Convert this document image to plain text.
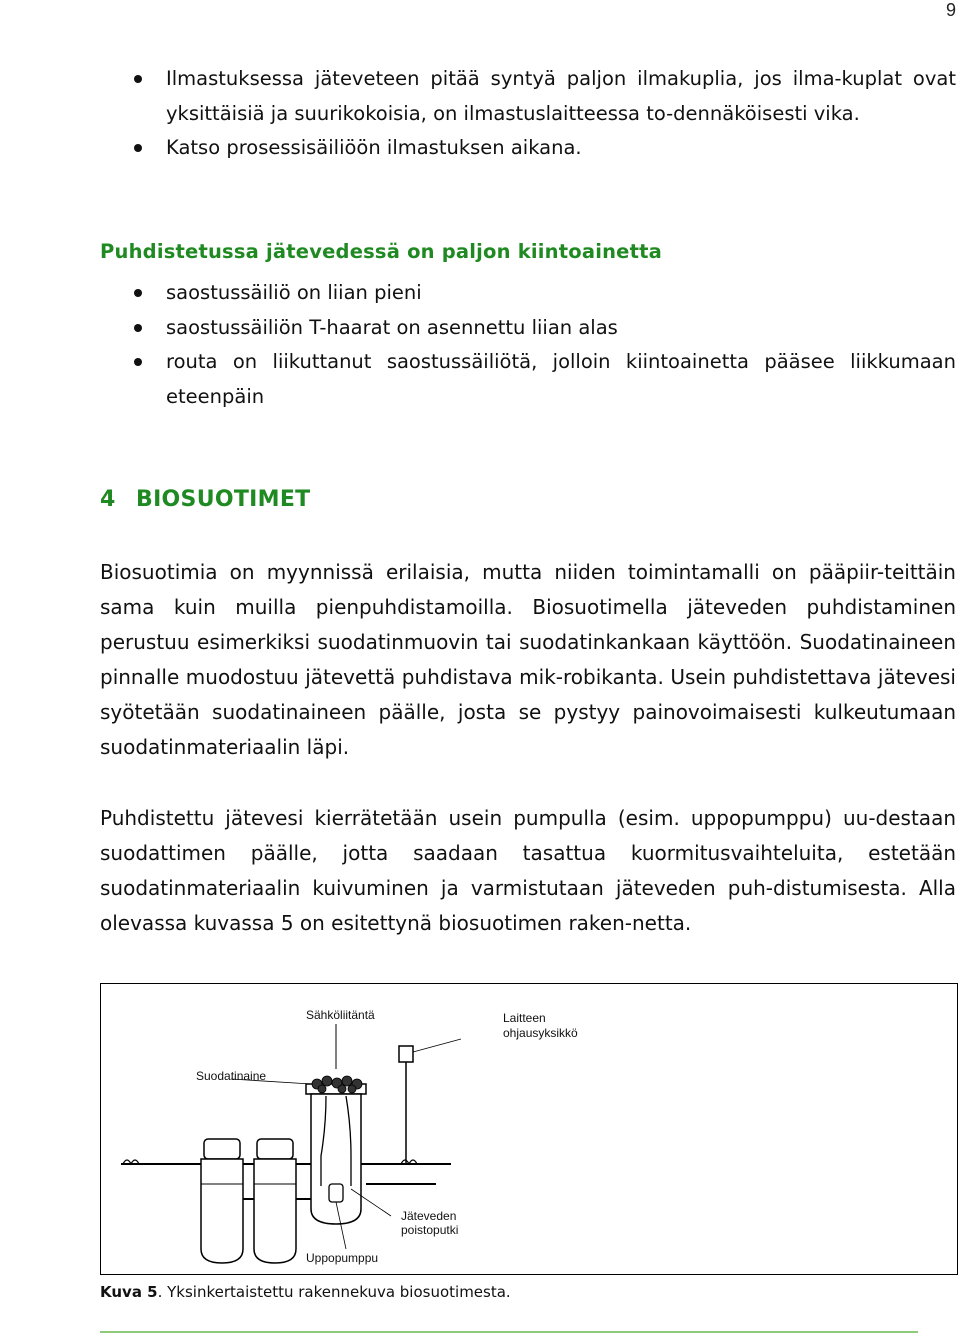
9
Ilmastuksessa jäteveteen pitää syntyä paljon ilmakuplia, jos ilma-kuplat ovat yksittäisiä ja suurikokoisia, on ilmastuslaitteessa to-dennäköisesti vika.
Katso prosessisäiliöön ilmastuksen aikana.
Puhdistetussa jätevedessä on paljon kiintoainetta
saostussäiliö on liian pieni
saostussäiliön T-haarat on asennettu liian alas
routa on liikuttanut saostussäiliötä, jolloin kiintoainetta pääsee liikkumaan eteenpäin
4 BIOSUOTIMET

Biosuotimia on myynnissä erilaisia, mutta niiden toimintamalli on pääpiir-teittäin sama kuin muilla pienpuhdistamoilla. Biosuotimella jäteveden puhdistaminen perustuu esimerkiksi suodatinmuovin tai suodatinkankaan käyttöön. Suodatinaineen pinnalle muodostuu jätevettä puhdistava mik-robikanta. Usein puhdistettava jätevesi syötetään suodatinaineen päälle, josta se pystyy painovoimaisesti kulkeutumaan suodatinmateriaalin läpi.

Puhdistettu jätevesi kierrätetään usein pumpulla (esim. uppopumppu) uu-destaan suodattimen päälle, jotta saadaan tasattua kuormitusvaihteluita, estetään suodatinmateriaalin kuivuminen ja varmistutaan jäteveden puh-distumisesta. Alla olevassa kuvassa 5 on esitettynä biosuotimen raken-netta.

Sähköliitäntä
Suodatinaine
Laitteen
ohjausyksikkö
Jäteveden
poistoputki
Uppopumppu
Kuva 5. Yksinkertaistettu rakennekuva biosuotimesta.
